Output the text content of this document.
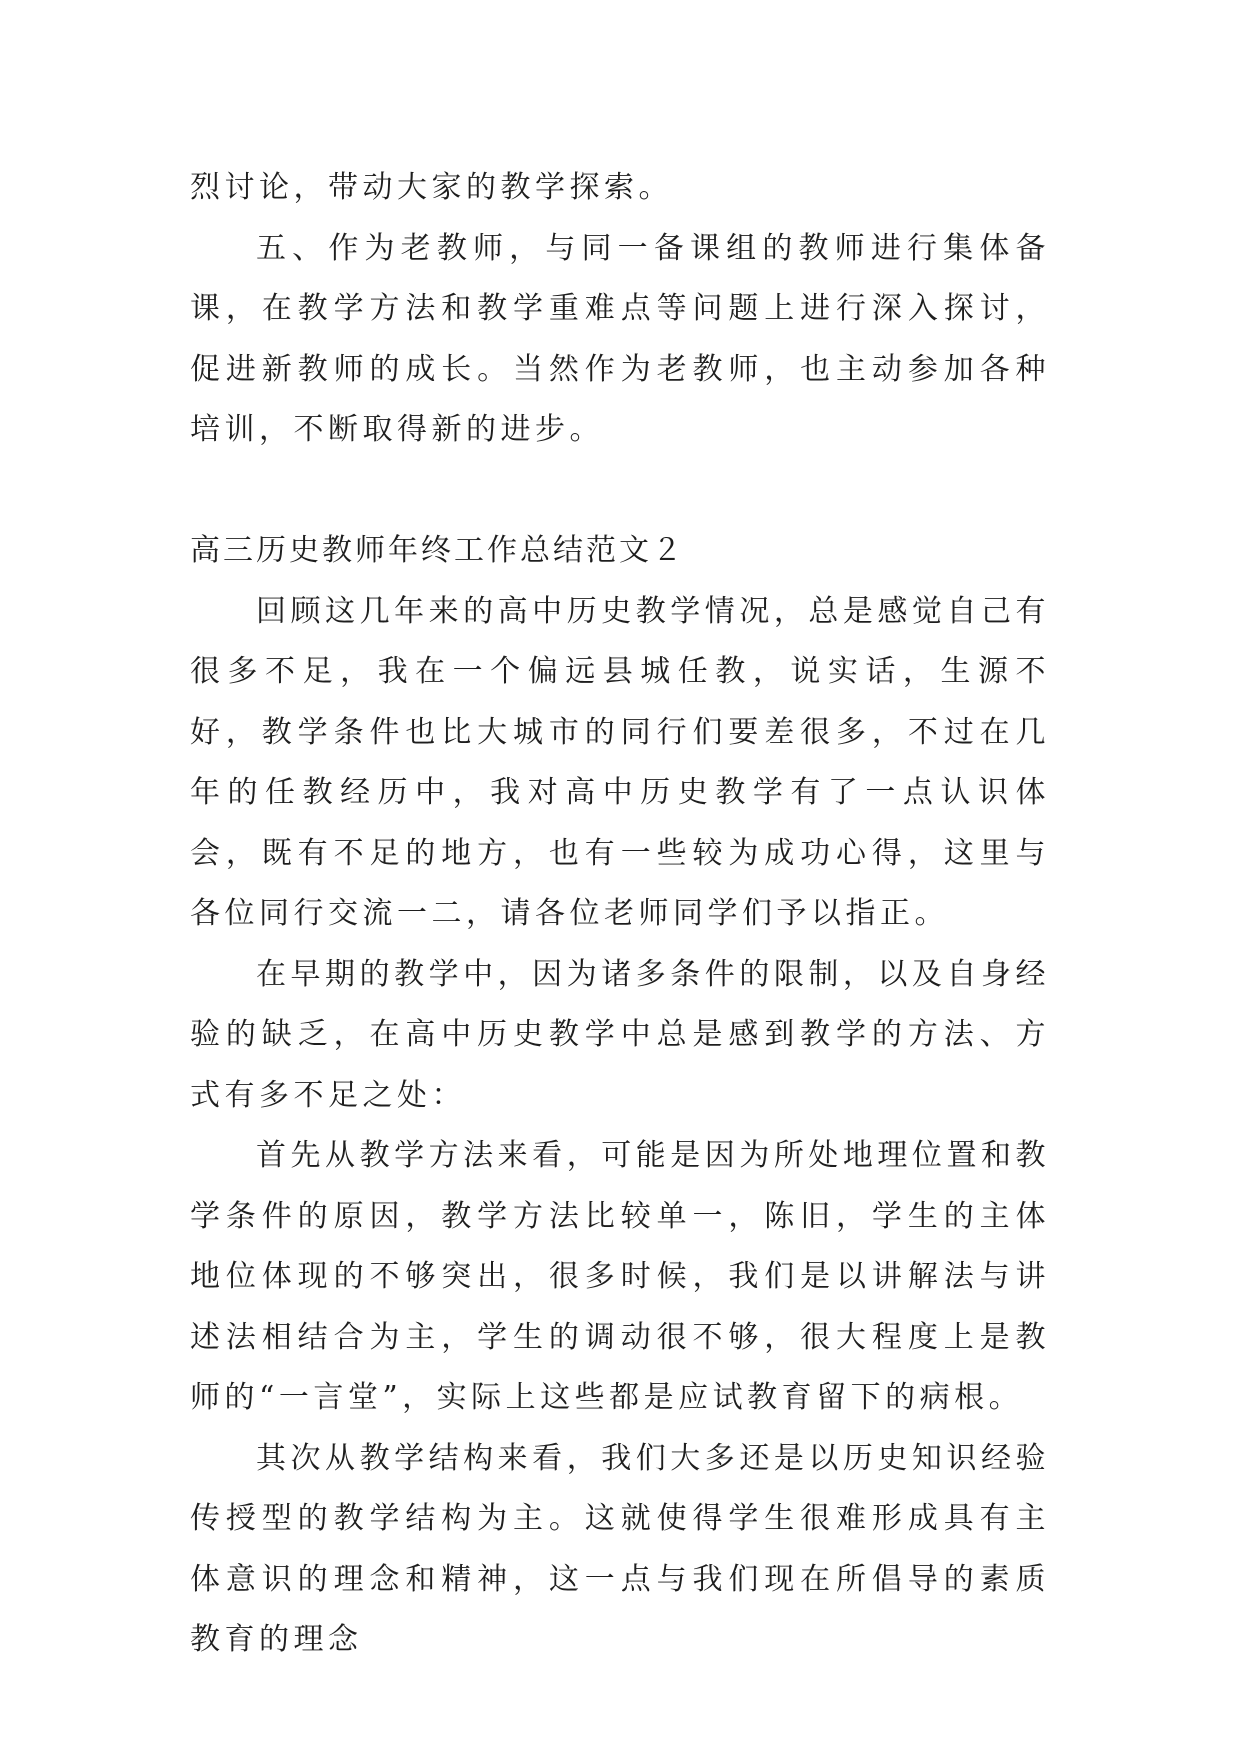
烈讨论，带动大家的教学探索。

五、作为老教师，与同一备课组的教师进行集体备课，在教学方法和教学重难点等问题上进行深入探讨，促进新教师的成长。当然作为老教师，也主动参加各种培训，不断取得新的进步。

高三历史教师年终工作总结范文２

回顾这几年来的高中历史教学情况，总是感觉自己有很多不足，我在一个偏远县城任教，说实话，生源不好，教学条件也比大城市的同行们要差很多，不过在几年的任教经历中，我对高中历史教学有了一点认识体会，既有不足的地方，也有一些较为成功心得，这里与各位同行交流一二，请各位老师同学们予以指正。

在早期的教学中，因为诸多条件的限制，以及自身经验的缺乏，在高中历史教学中总是感到教学的方法、方式有多不足之处：

首先从教学方法来看，可能是因为所处地理位置和教学条件的原因，教学方法比较单一，陈旧，学生的主体地位体现的不够突出，很多时候，我们是以讲解法与讲述法相结合为主，学生的调动很不够，很大程度上是教师的“一言堂”，实际上这些都是应试教育留下的病根。

其次从教学结构来看，我们大多还是以历史知识经验传授型的教学结构为主。这就使得学生很难形成具有主体意识的理念和精神，这一点与我们现在所倡导的素质教育的理念
